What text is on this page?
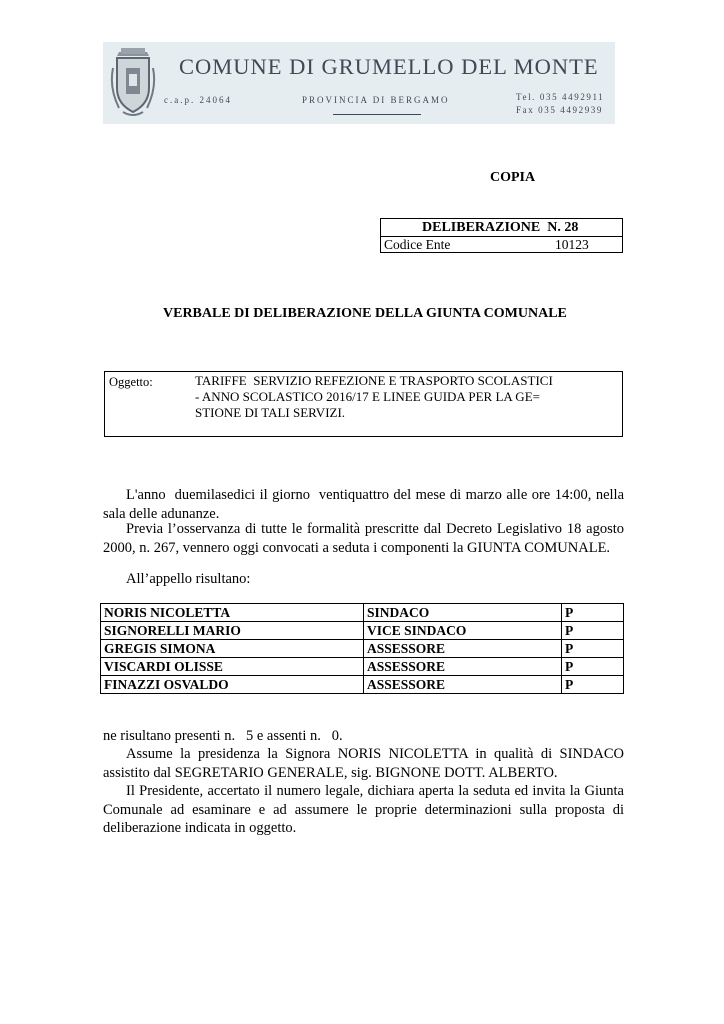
COMUNE DI GRUMELLO DEL MONTE
c.a.p. 24064	PROVINCIA DI BERGAMO	Tel. 035 4492911
Fax 035 4492939
COPIA
DELIBERAZIONE  N. 28
Codice Ente	10123
VERBALE DI DELIBERAZIONE DELLA GIUNTA COMUNALE
Oggetto:	TARIFFE  SERVIZIO REFEZIONE E TRASPORTO SCOLASTICI
- ANNO SCOLASTICO 2016/17 E LINEE GUIDA PER LA GE=
STIONE DI TALI SERVIZI.
L'anno  duemilasedici il giorno  ventiquattro del mese di marzo alle ore 14:00, nella sala delle adunanze.
Previa l’osservanza di tutte le formalità prescritte dal Decreto Legislativo 18 agosto 2000, n. 267, vennero oggi convocati a seduta i componenti la GIUNTA COMUNALE.
All’appello risultano:
NORIS NICOLETTA	SINDACO	P
SIGNORELLI MARIO	VICE SINDACO	P
GREGIS SIMONA	ASSESSORE	P
VISCARDI OLISSE	ASSESSORE	P
FINAZZI OSVALDO	ASSESSORE	P
ne risultano presenti n.   5 e assenti n.   0.
Assume la presidenza la Signora NORIS NICOLETTA in qualità di SINDACO assistito dal SEGRETARIO GENERALE, sig. BIGNONE DOTT. ALBERTO.
Il Presidente, accertato il numero legale, dichiara aperta la seduta ed invita la Giunta Comunale ad esaminare e ad assumere le proprie determinazioni sulla proposta di deliberazione indicata in oggetto.
